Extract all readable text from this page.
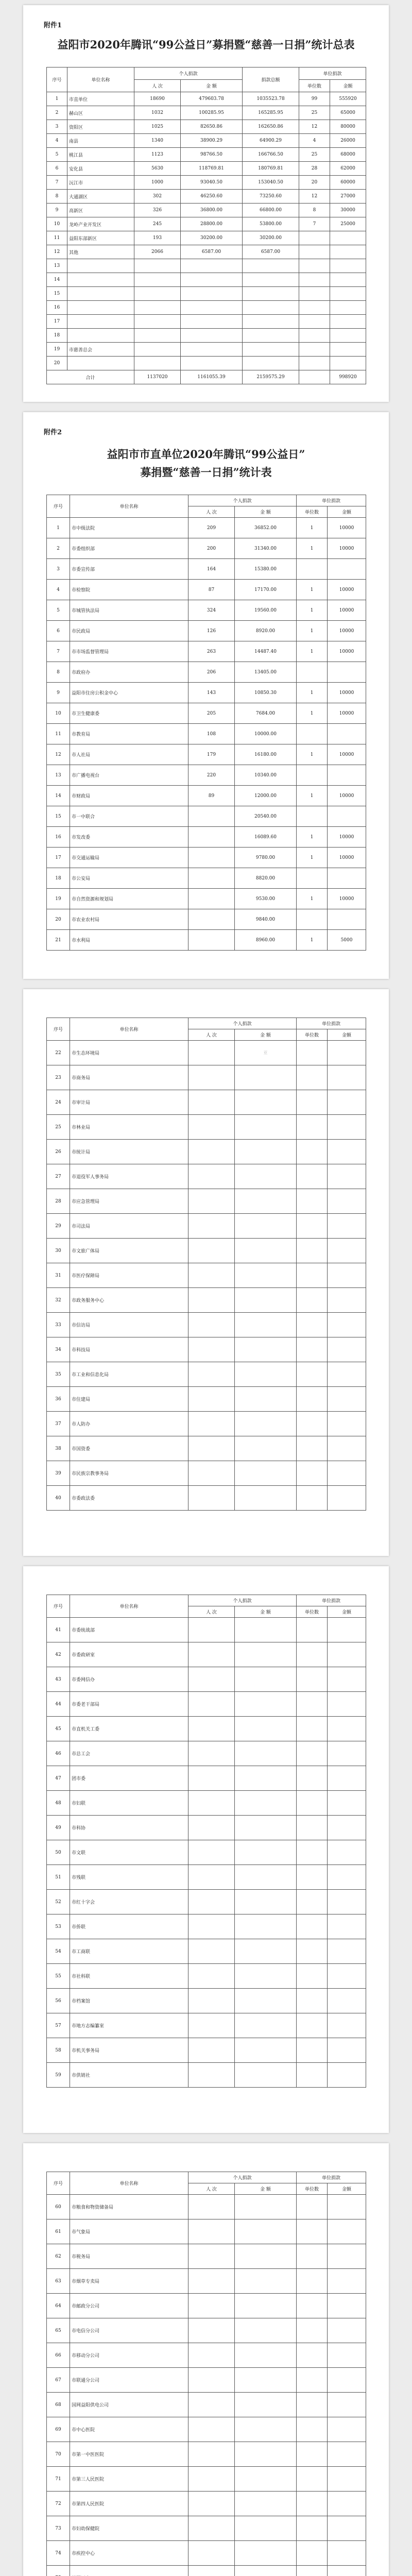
附件1
益阳市2020年腾讯“99公益日”募捐暨“慈善一日捐”统计总表
序号	单位名称	个人捐款		捐款总额	单位捐款	
		人 次	金 额		单位数	金额
1	市直单位	18690	479603.78	1035523.78	99	555920
2	赫山区	1032	100285.95	165285.95	25	65000
3	资阳区	1025	82650.86	162650.86	12	80000
4	南县	1340	38900.29	64900.29	4	26000
5	桃江县	1123	98766.50	166766.50	25	68000
6	安化县	5630	118769.81	180769.81	28	62000
7	沅江市	1000	93040.50	153040.50	20	60000
8	大通湖区	302	46250.60	73250.60	12	27000
9	高新区	326	36800.00	66800.00	8	30000
10	龙岭产业开发区	245	28800.00	53800.00	7	25000
11	益阳东部新区	193	30200.00	30200.00		
12	其他	2066	6587.00	6587.00		
13						
14						
15						
16						
17						
18						
19	市慈善总会					
20						
合计		1137020	1161055.39	2159575.29		998920
附件2
益阳市市直单位2020年腾讯“99公益日”
募捐暨“慈善一日捐”统计表
序号	单位名称	个人捐款		单位捐款	
		人 次	金 额	单位数	金额
1	市中级法院	209	36852.00	1	10000
2	市委组织部	200	31340.00	1	10000
3	市委宣传部	164	15380.00		
4	市检察院	87	17170.00	1	10000
5	市城管执法局	324	19560.00	1	10000
6	市民政局	126	8920.00	1	10000
7	市市场监督管理局	263	14487.40	1	10000
8	市政府办	206	13405.00		
9	益阳市住房公积金中心	143	10850.30	1	10000
10	市卫生健康委	205	7684.00	1	10000
11	市教育局	108	10000.00		
12	市人社局	179	16180.00	1	10000
13	市广播电视台	220	10340.00		
14	市财政局	89	12000.00	1	10000
15	市一中联合		20540.00		
16	市发改委		16089.60	1	10000
17	市交通运输局		9780.00	1	10000
18	市公安局		8820.00		
19	市自然资源和规划局		9530.00	1	10000
20	市农业农村局		9840.00		
21	市水利局		8960.00	1	5000
序号	单位名称	个人捐款		单位捐款	
		人 次	金 额	单位数	金额
22	市生态环境局		亚		
23	市商务局				
24	市审计局				
25	市林业局				
26	市统计局				
27	市退役军人事务局				
28	市应急管理局				
29	市司法局				
30	市文旅广体局				
31	市医疗保障局				
32	市政务服务中心				
33	市信访局				
34	市科技局				
35	市工业和信息化局				
36	市住建局				
37	市人防办				
38	市国资委				
39	市民族宗教事务局				
40	市委政法委				
序号	单位名称	个人捐款		单位捐款	
		人 次	金 额	单位数	金额
41	市委统战部				
42	市委政研室				
43	市委网信办				
44	市委老干部局				
45	市直机关工委				
46	市总工会				
47	团市委				
48	市妇联				
49	市科协				
50	市文联				
51	市残联				
52	市红十字会				
53	市侨联				
54	市工商联				
55	市社科联				
56	市档案馆				
57	市地方志编纂室				
58	市机关事务局				
59	市供销社				
序号	单位名称	个人捐款		单位捐款	
		人 次	金 额	单位数	金额
60	市粮食和物资储备局				
61	市气象局				
62	市税务局				
63	市烟草专卖局				
64	市邮政分公司				
65	市电信分公司				
66	市移动分公司				
67	市联通分公司				
68	国网益阳供电公司				
69	市中心医院				
70	市第一中医医院				
71	市第三人民医院				
72	市第四人民医院				
73	市妇幼保健院				
74	市疾控中心				
